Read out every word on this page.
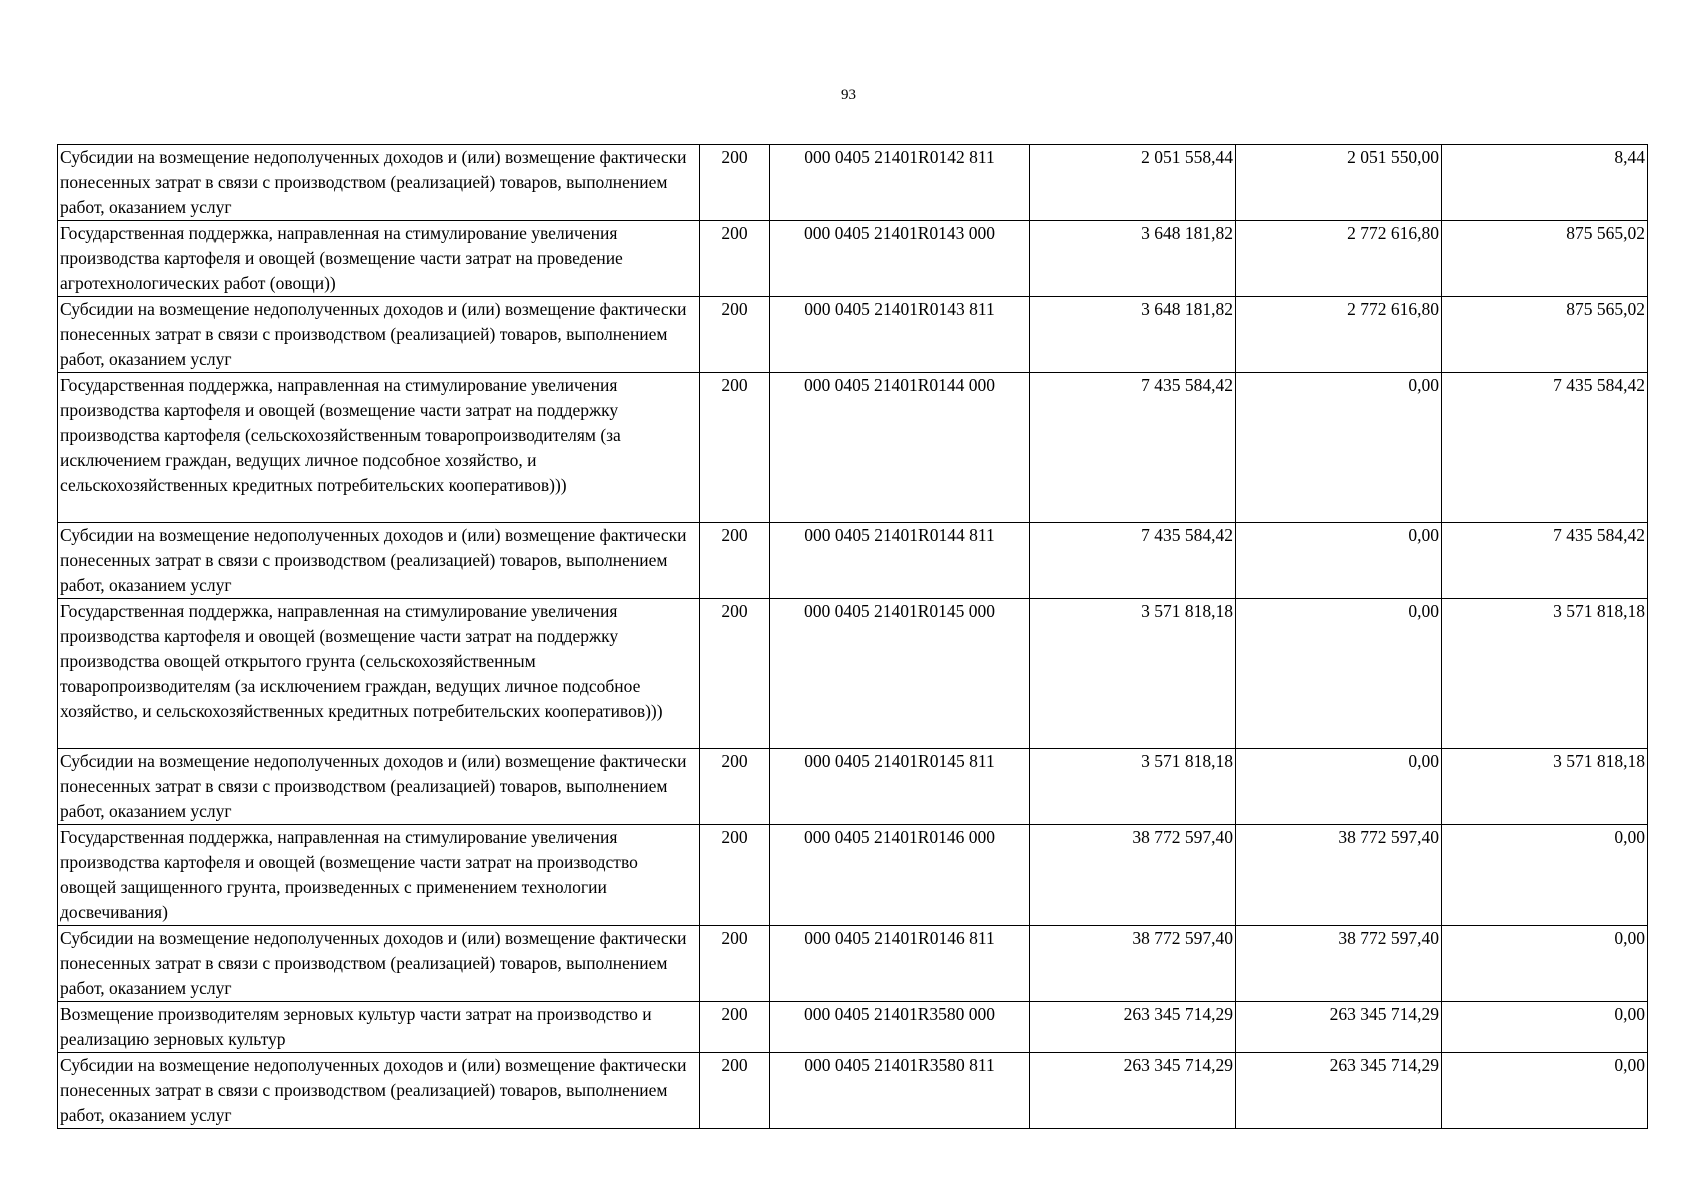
93
Субсидии на возмещение недополученных доходов и (или) возмещение фактически понесенных затрат в связи с производством (реализацией) товаров, выполнением работ, оказанием услуг	200	000 0405 21401R0142 811	2 051 558,44	2 051 550,00	8,44
Государственная поддержка, направленная на стимулирование увеличения производства картофеля и овощей (возмещение части затрат на проведение агротехнологических работ (овощи))	200	000 0405 21401R0143 000	3 648 181,82	2 772 616,80	875 565,02
Субсидии на возмещение недополученных доходов и (или) возмещение фактически понесенных затрат в связи с производством (реализацией) товаров, выполнением работ, оказанием услуг	200	000 0405 21401R0143 811	3 648 181,82	2 772 616,80	875 565,02
Государственная поддержка, направленная на стимулирование увеличения производства картофеля и овощей (возмещение части затрат на поддержку производства картофеля (сельскохозяйственным товаропроизводителям (за исключением граждан, ведущих личное подсобное хозяйство, и сельскохозяйственных кредитных потребительских кооперативов)))	200	000 0405 21401R0144 000	7 435 584,42	0,00	7 435 584,42
Субсидии на возмещение недополученных доходов и (или) возмещение фактически понесенных затрат в связи с производством (реализацией) товаров, выполнением работ, оказанием услуг	200	000 0405 21401R0144 811	7 435 584,42	0,00	7 435 584,42
Государственная поддержка, направленная на стимулирование увеличения производства картофеля и овощей (возмещение части затрат на поддержку производства овощей открытого грунта (сельскохозяйственным товаропроизводителям (за исключением граждан, ведущих личное подсобное хозяйство, и сельскохозяйственных кредитных потребительских кооперативов)))	200	000 0405 21401R0145 000	3 571 818,18	0,00	3 571 818,18
Субсидии на возмещение недополученных доходов и (или) возмещение фактически понесенных затрат в связи с производством (реализацией) товаров, выполнением работ, оказанием услуг	200	000 0405 21401R0145 811	3 571 818,18	0,00	3 571 818,18
Государственная поддержка, направленная на стимулирование увеличения производства картофеля и овощей (возмещение части затрат на производство овощей защищенного грунта, произведенных с применением технологии досвечивания)	200	000 0405 21401R0146 000	38 772 597,40	38 772 597,40	0,00
Субсидии на возмещение недополученных доходов и (или) возмещение фактически понесенных затрат в связи с производством (реализацией) товаров, выполнением работ, оказанием услуг	200	000 0405 21401R0146 811	38 772 597,40	38 772 597,40	0,00
Возмещение производителям зерновых культур части затрат на производство и реализацию зерновых культур	200	000 0405 21401R3580 000	263 345 714,29	263 345 714,29	0,00
Субсидии на возмещение недополученных доходов и (или) возмещение фактически понесенных затрат в связи с производством (реализацией) товаров, выполнением работ, оказанием услуг	200	000 0405 21401R3580 811	263 345 714,29	263 345 714,29	0,00
